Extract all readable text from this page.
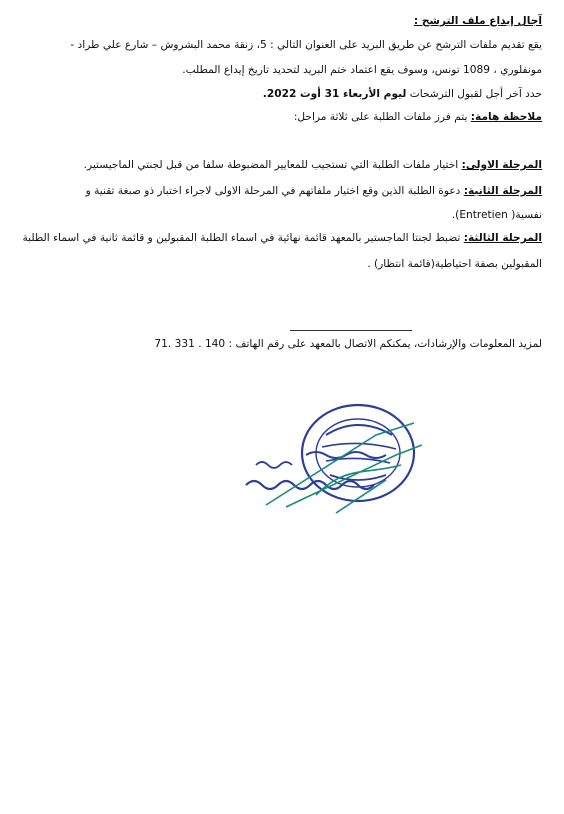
آجال إيداع ملف الترشح :
يقع تقديم ملفات الترشح عن طريق البريد على العنوان التالي : 5، زنقة محمد البشروش – شارع علي طراد -
مونفلوري ، 1089 تونس، وسوف يقع اعتماد ختم البريد لتحديد تاريخ إيداع المطلب.
حدد آخر أجل لقبول الترشحات ليوم الأربعاء 31 أوت 2022.
ملاحظة هامة: يتم فرز ملفات الطلبة على ثلاثة مراحل:
المرحلة الاولى: اختيار ملفات الطلبة التي تستجيب للمعايير المضبوطة سلفا من قبل لجنتي الماجيستير.
المرحلة الثانية: دعوة الطلبة الذين وقع اختيار ملفاتهم في المرحلة الاولى لاجراء اختبار ذو صبغة تقنية و
نفسية( Entretien).
المرحلة الثالثة: تضبط لجنتا الماجستير بالمعهد قائمة نهائية في اسماء الطلبة المقبولين و قائمة ثانية في اسماء الطلبة
المقبولين بصفة احتياطية(قائمة انتظار) .
لمزيد المعلومات والإرشادات، يمكنكم الاتصال بالمعهد على رقم الهاتف : 140 . 331 .71
